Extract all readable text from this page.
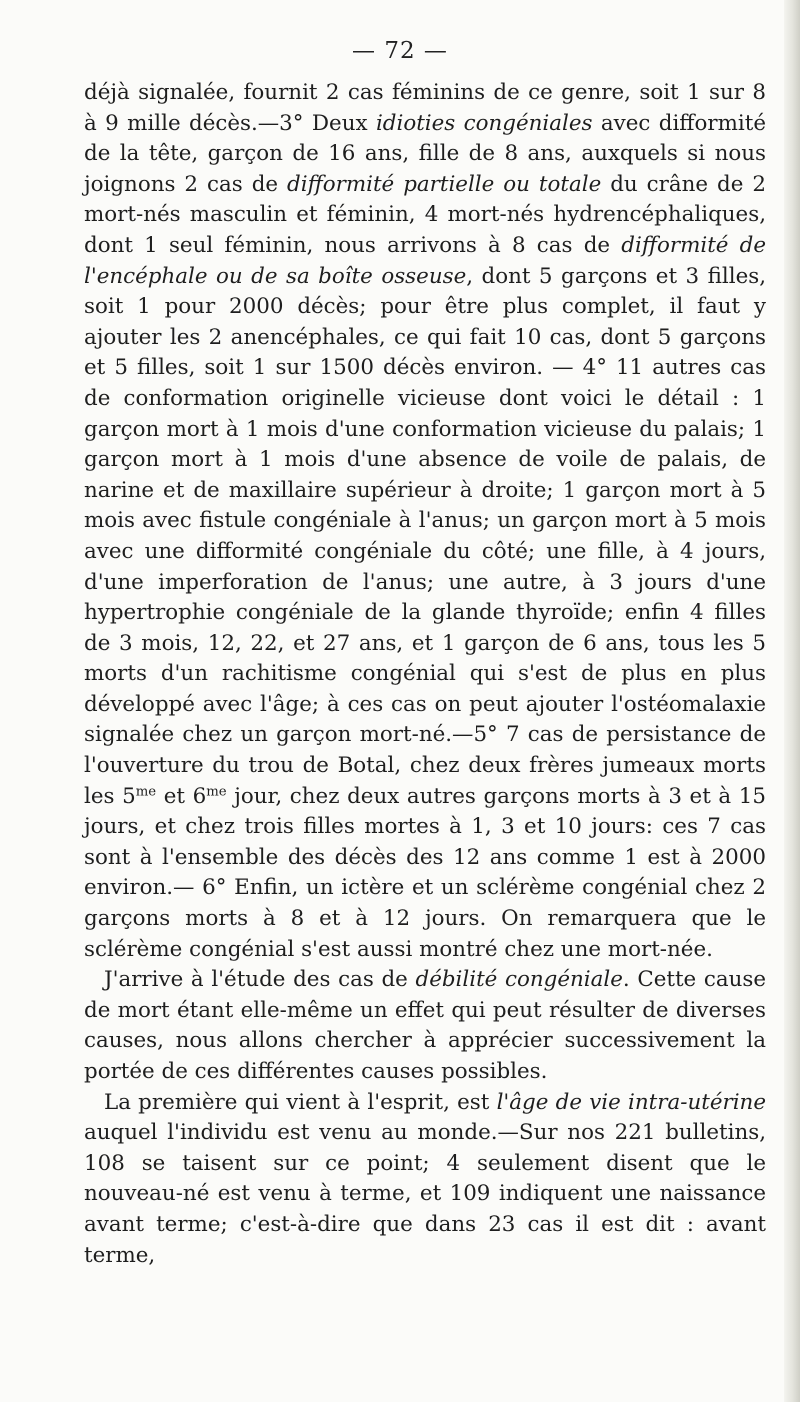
— 72 —

déjà signalée, fournit 2 cas féminins de ce genre, soit 1 sur 8 à 9 mille décès.—3° Deux idioties congéniales avec difformité de la tête, garçon de 16 ans, fille de 8 ans, auxquels si nous joignons 2 cas de difformité partielle ou totale du crâne de 2 mort-nés masculin et féminin, 4 mort-nés hydrencéphaliques, dont 1 seul féminin, nous arrivons à 8 cas de difformité de l'encéphale ou de sa boîte osseuse, dont 5 garçons et 3 filles, soit 1 pour 2000 décès; pour être plus complet, il faut y ajouter les 2 anencéphales, ce qui fait 10 cas, dont 5 garçons et 5 filles, soit 1 sur 1500 décès environ. — 4° 11 autres cas de conformation originelle vicieuse dont voici le détail : 1 garçon mort à 1 mois d'une conformation vicieuse du palais; 1 garçon mort à 1 mois d'une absence de voile de palais, de narine et de maxillaire supérieur à droite; 1 garçon mort à 5 mois avec fistule congéniale à l'anus; un garçon mort à 5 mois avec une difformité congéniale du côté; une fille, à 4 jours, d'une imperforation de l'anus; une autre, à 3 jours d'une hypertrophie congéniale de la glande thyroïde; enfin 4 filles de 3 mois, 12, 22, et 27 ans, et 1 garçon de 6 ans, tous les 5 morts d'un rachitisme congénial qui s'est de plus en plus développé avec l'âge; à ces cas on peut ajouter l'ostéomalaxie signalée chez un garçon mort-né.—5° 7 cas de persistance de l'ouverture du trou de Botal, chez deux frères jumeaux morts les $5^{me}$ et $6^{me}$ jour, chez deux autres garçons morts à 3 et à 15 jours, et chez trois filles mortes à 1, 3 et 10 jours: ces 7 cas sont à l'ensemble des décès des 12 ans comme 1 est à 2000 environ.— 6° Enfin, un ictère et un sclérème congénial chez 2 garçons morts à 8 et à 12 jours. On remarquera que le sclérème congénial s'est aussi montré chez une mort-née.

J'arrive à l'étude des cas de débilité congéniale. Cette cause de mort étant elle-même un effet qui peut résulter de diverses causes, nous allons chercher à apprécier successivement la portée de ces différentes causes possibles.

La première qui vient à l'esprit, est l'âge de vie intra-utérine auquel l'individu est venu au monde.—Sur nos 221 bulletins, 108 se taisent sur ce point; 4 seulement disent que le nouveau-né est venu à terme, et 109 indiquent une naissance avant terme; c'est-à-dire que dans 23 cas il est dit : avant terme,
